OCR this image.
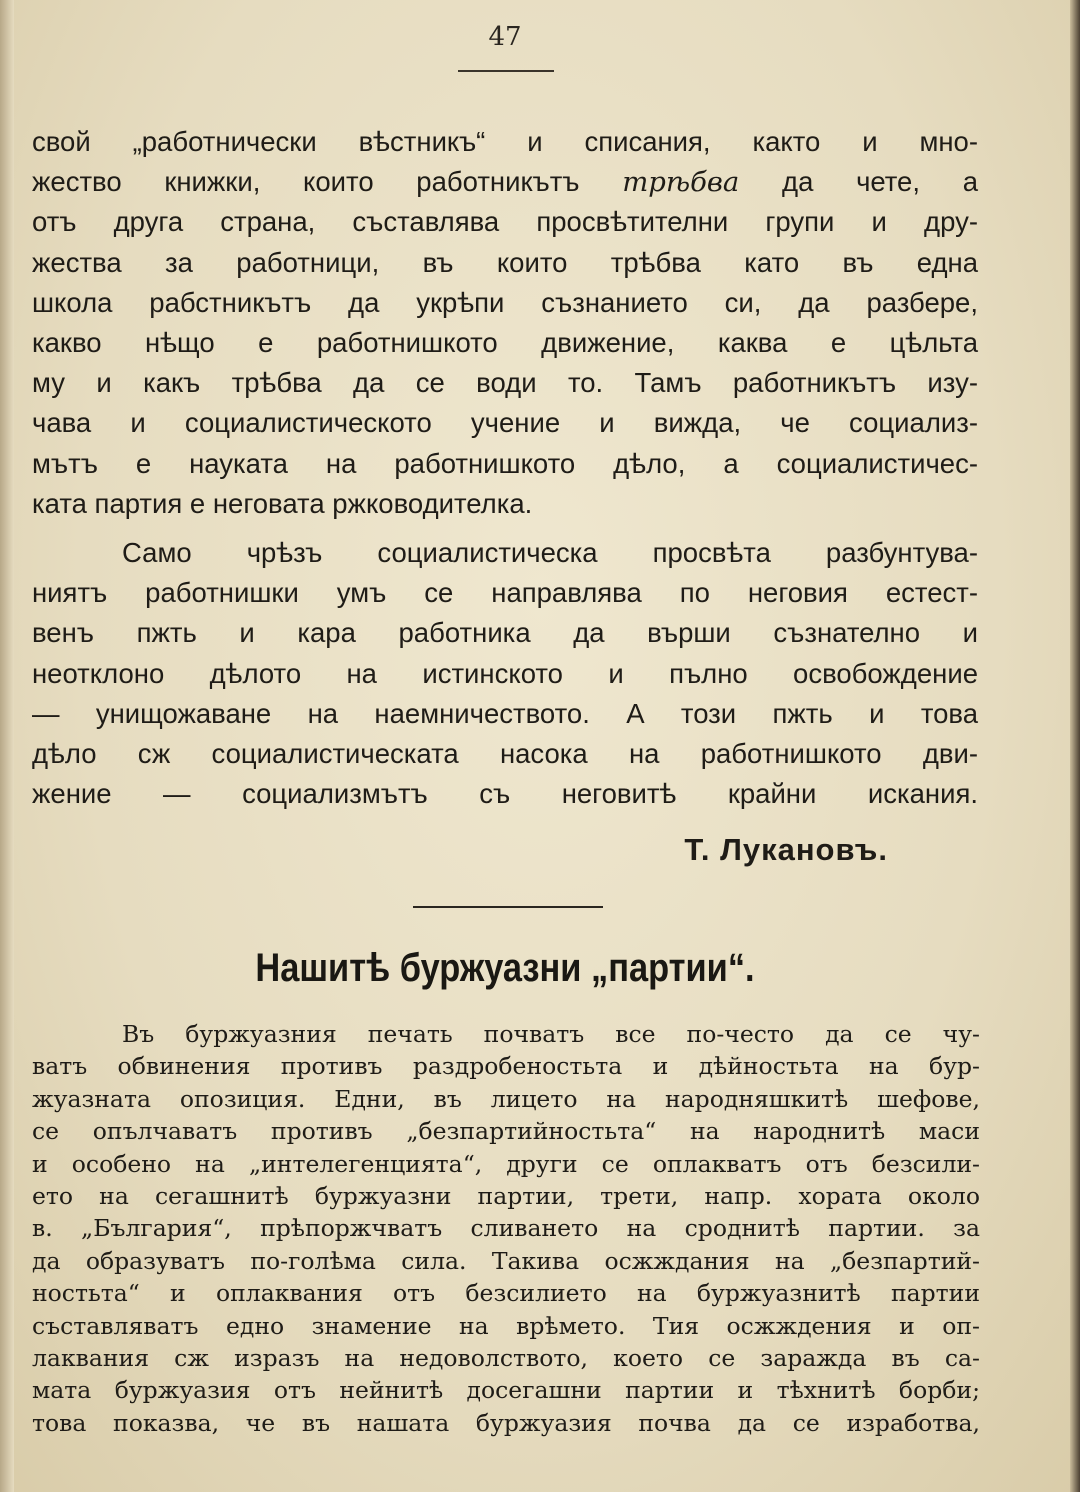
47
свой „работнически вѣстникъ“ и списания, както и мно-
жество книжки, които работникътъ трѣбва да чете, а
отъ друга страна, съставлява просвѣтителни групи и дру-
жества за работници, въ които трѣбва като въ една
школа рабстникътъ да укрѣпи съзнанието си, да разбере,
какво нѣщо е работнишкото движение, каква е цѣльта
му и какъ трѣбва да се води то. Тамъ работникътъ изу-
чава и социалистическото учение и вижда, че социализ-
мътъ е науката на работнишкото дѣло, а социалистичес-
ката партия е неговата ржководителка.
Само чрѣзъ социалистическа просвѣта разбунтува-
ниятъ работнишки умъ се направлява по неговия естест-
венъ пжть и кара работника да върши съзнателно и
неотклоно дѣлото на истинското и пълно освобождение
— унищожаване на наемничеството. А този пжть и това
дѣло сж социалистическата насока на работнишкото дви-
жение — социализмътъ съ неговитѣ крайни искания.
Т. Лукановъ.
Нашитѣ буржуазни „партии“.
Въ буржуазния печать почватъ все по-често да се чу-
ватъ обвинения противъ раздробеностьта и дѣйностьта на бур-
жуазната опозиция. Едни, въ лицето на народняшкитѣ шефове,
се опълчаватъ противъ „безпартийностьта“ на народнитѣ маси
и особено на „интелегенцията“, други се оплакватъ отъ безсили-
ето на сегашнитѣ буржуазни партии, трети, напр. хората около
в. „България“, прѣпоржчватъ сливането на сроднитѣ партии. за
да образуватъ по-голѣма сила. Такива осжждания на „безпартий-
ностьта“ и оплаквания отъ безсилието на буржуазнитѣ партии
съставляватъ едно знамение на врѣмето. Тия осжждения и оп-
лаквания сж изразъ на недоволството, което се заражда въ са-
мата буржуазия отъ нейнитѣ досегашни партии и тѣхнитѣ борби;
това показва, че въ нашата буржуазия почва да се изработва,
